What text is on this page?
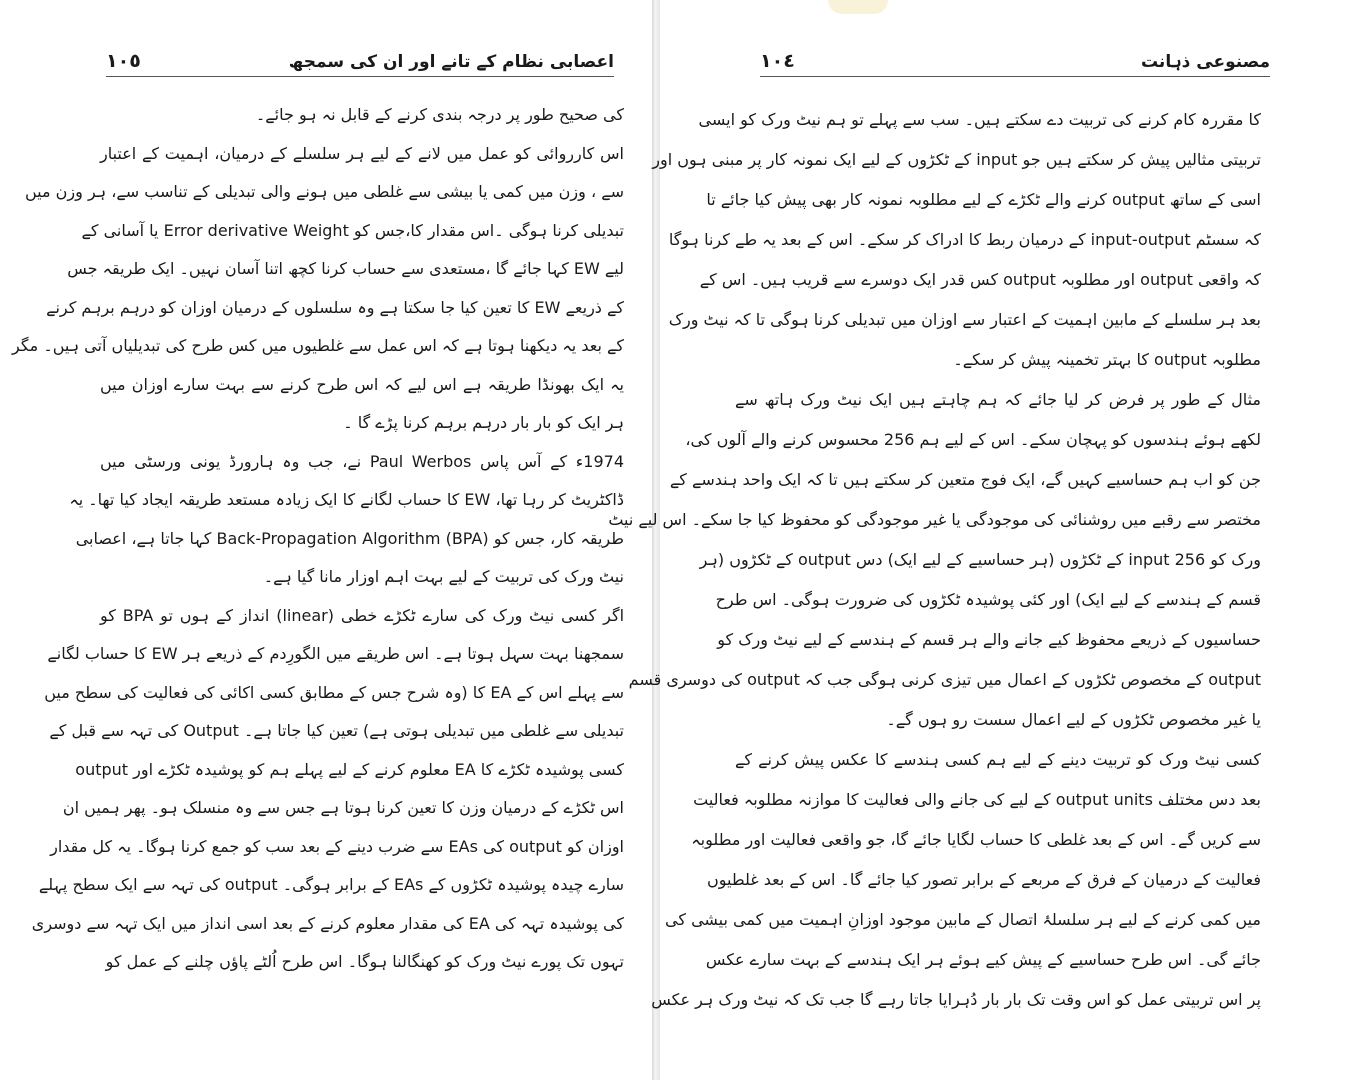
١٠٥	اعصابی نظام کے تانے اور ان کی سمجھ
کی صحیح طور پر درجہ بندی کرنے کے قابل نہ ہو جائے۔
اس کارروائی کو عمل میں لانے کے لیے ہر سلسلے کے درمیان، اہمیت کے اعتبار
سے ، وزن میں کمی یا بیشی سے غلطی میں ہونے والی تبدیلی کے تناسب سے، ہر وزن میں
تبدیلی کرنا ہوگی ۔اس مقدار کا،جس کو Error derivative Weight یا آسانی کے
لیے EW کہا جائے گا ،مستعدی سے حساب کرنا کچھ اتنا آسان نہیں۔ ایک طریقہ جس
کے ذریعے EW کا تعین کیا جا سکتا ہے وہ سلسلوں کے درمیان اوزان کو درہم برہم کرنے
کے بعد یہ دیکھنا ہوتا ہے کہ اس عمل سے غلطیوں میں کس طرح کی تبدیلیاں آتی ہیں۔ مگر
یہ ایک بھونڈا طریقہ ہے اس لیے کہ اس طرح کرنے سے بہت سارے اوزان میں
ہر ایک کو بار بار درہم برہم کرنا پڑے گا ۔
1974ء کے آس پاس Paul Werbos نے، جب وہ ہارورڈ یونی ورسٹی میں
ڈاکٹریٹ کر رہا تھا، EW کا حساب لگانے کا ایک زیادہ مستعد طریقہ ایجاد کیا تھا۔ یہ
طریقہ کار، جس کو Back-Propagation Algorithm (BPA) کہا جاتا ہے، اعصابی
نیٹ ورک کی تربیت کے لیے بہت اہم اوزار مانا گیا ہے۔
اگر کسی نیٹ ورک کی سارے ٹکڑے خطی (linear) انداز کے ہوں تو BPA کو
سمجھنا بہت سہل ہوتا ہے۔ اس طریقے میں الگورِدم کے ذریعے ہر EW کا حساب لگانے
سے پہلے اس کے EA کا (وہ شرح جس کے مطابق کسی اکائی کی فعالیت کی سطح میں
تبدیلی سے غلطی میں تبدیلی ہوتی ہے) تعین کیا جاتا ہے۔ Output کی تہہ سے قبل کے
کسی پوشیدہ ٹکڑے کا EA معلوم کرنے کے لیے پہلے ہم کو پوشیدہ ٹکڑے اور output
اس ٹکڑے کے درمیان وزن کا تعین کرنا ہوتا ہے جس سے وہ منسلک ہو۔ پھر ہمیں ان
اوزان کو output کی EAs سے ضرب دینے کے بعد سب کو جمع کرنا ہوگا۔ یہ کل مقدار
سارے چیدہ پوشیدہ ٹکڑوں کے EAs کے برابر ہوگی۔ output کی تہہ سے ایک سطح پہلے
کی پوشیدہ تہہ کی EA کی مقدار معلوم کرنے کے بعد اسی انداز میں ایک تہہ سے دوسری
تہوں تک پورے نیٹ ورک کو کھنگالنا ہوگا۔ اس طرح اُلٹے پاؤں چلنے کے عمل کو
١٠٤	مصنوعی ذہانت
کا مقررہ کام کرنے کی تربیت دے سکتے ہیں۔ سب سے پہلے تو ہم نیٹ ورک کو ایسی
تربیتی مثالیں پیش کر سکتے ہیں جو input کے ٹکڑوں کے لیے ایک نمونہ کار پر مبنی ہوں اور
اسی کے ساتھ output کرنے والے ٹکڑے کے لیے مطلوبہ نمونہ کار بھی پیش کیا جائے تا
کہ سسٹم input-output کے درمیان ربط کا ادراک کر سکے۔ اس کے بعد یہ طے کرنا ہوگا
کہ واقعی output اور مطلوبہ output کس قدر ایک دوسرے سے قریب ہیں۔ اس کے
بعد ہر سلسلے کے مابین اہمیت کے اعتبار سے اوزان میں تبدیلی کرنا ہوگی تا کہ نیٹ ورک
مطلوبہ output کا بہتر تخمینہ پیش کر سکے۔
مثال کے طور پر فرض کر لیا جائے کہ ہم چاہتے ہیں ایک نیٹ ورک ہاتھ سے
لکھے ہوئے ہندسوں کو پہچان سکے۔ اس کے لیے ہم 256 محسوس کرنے والے آلوں کی،
جن کو اب ہم حساسیے کہیں گے، ایک فوج متعین کر سکتے ہیں تا کہ ایک واحد ہندسے کے
مختصر سے رقبے میں روشنائی کی موجودگی یا غیر موجودگی کو محفوظ کیا جا سکے۔ اس لیے نیٹ
ورک کو 256 input کے ٹکڑوں (ہر حساسیے کے لیے ایک) دس output کے ٹکڑوں (ہر
قسم کے ہندسے کے لیے ایک) اور کئی پوشیدہ ٹکڑوں کی ضرورت ہوگی۔ اس طرح
حساسیوں کے ذریعے محفوظ کیے جانے والے ہر قسم کے ہندسے کے لیے نیٹ ورک کو
output کے مخصوص ٹکڑوں کے اعمال میں تیزی کرنی ہوگی جب کہ output کی دوسری قسم
یا غیر مخصوص ٹکڑوں کے لیے اعمال سست رو ہوں گے۔
کسی نیٹ ورک کو تربیت دینے کے لیے ہم کسی ہندسے کا عکس پیش کرنے کے
بعد دس مختلف output units کے لیے کی جانے والی فعالیت کا موازنہ مطلوبہ فعالیت
سے کریں گے۔ اس کے بعد غلطی کا حساب لگایا جائے گا، جو واقعی فعالیت اور مطلوبہ
فعالیت کے درمیان کے فرق کے مربعے کے برابر تصور کیا جائے گا۔ اس کے بعد غلطیوں
میں کمی کرنے کے لیے ہر سلسلۂ اتصال کے مابین موجود اوزانِ اہمیت میں کمی بیشی کی
جائے گی۔ اس طرح حساسیے کے پیش کیے ہوئے ہر ایک ہندسے کے بہت سارے عکس
پر اس تربیتی عمل کو اس وقت تک بار بار دُہرایا جاتا رہے گا جب تک کہ نیٹ ورک ہر عکس
